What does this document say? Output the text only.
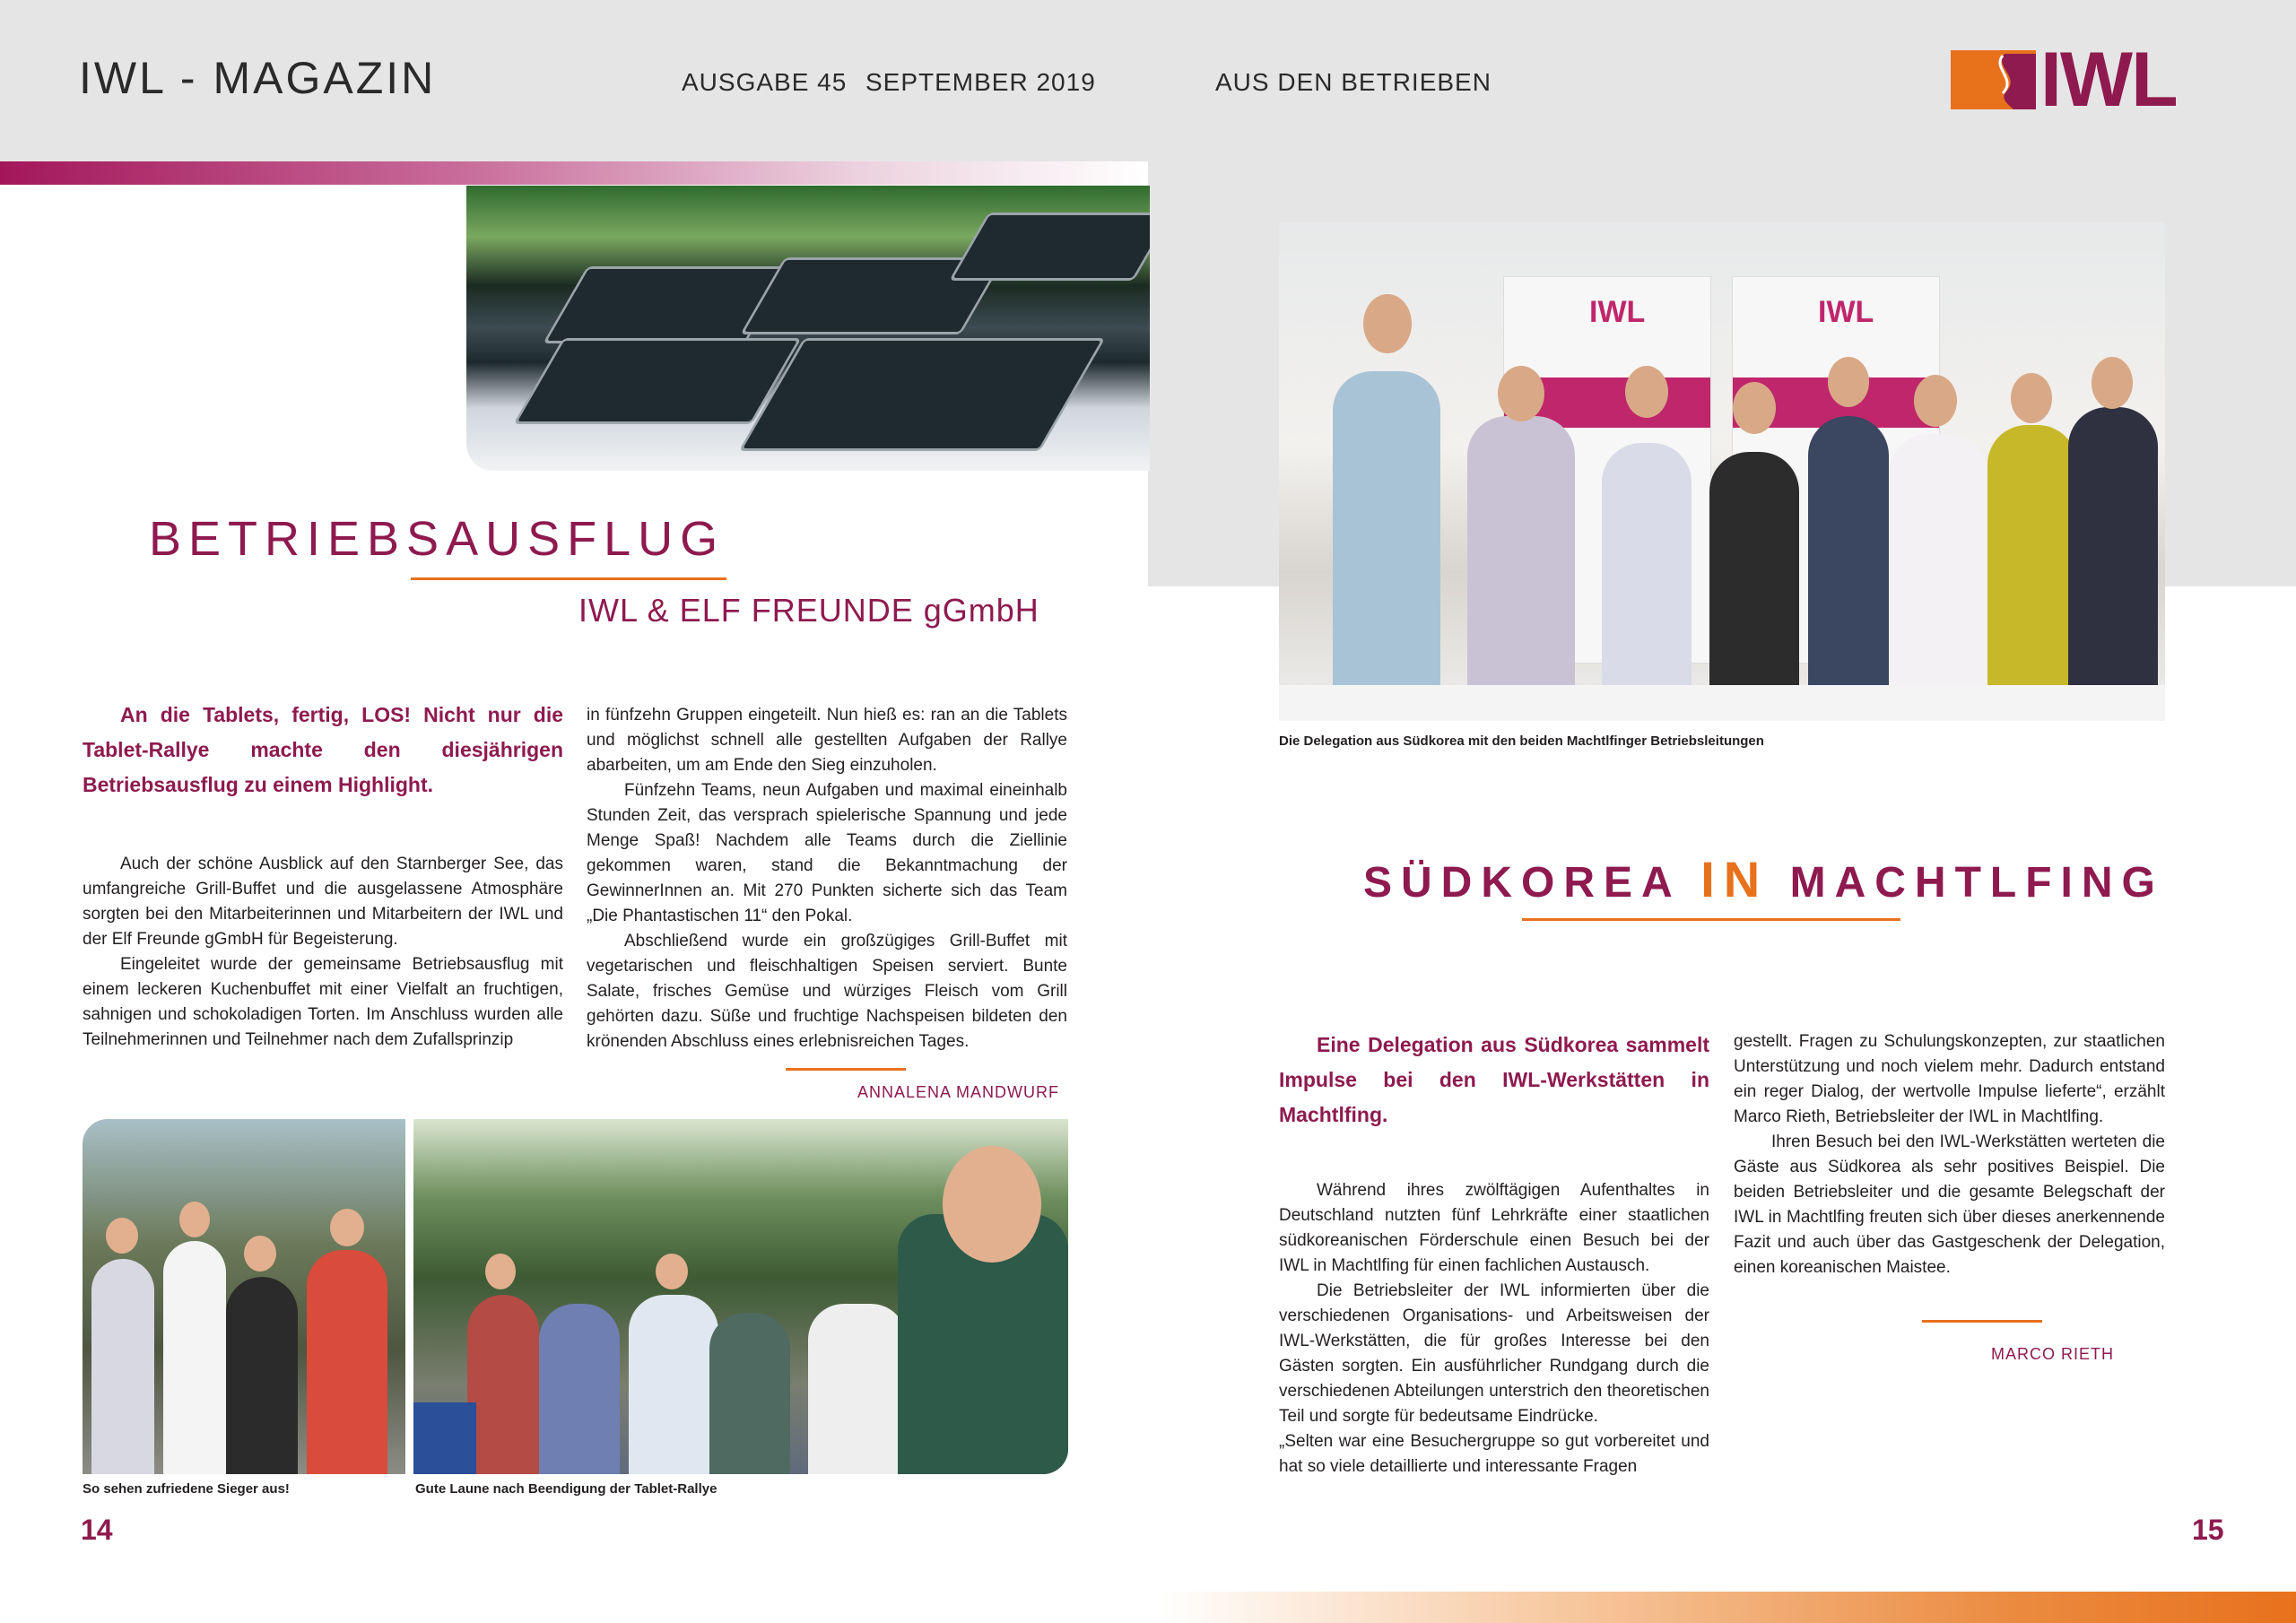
IWL - MAGAZIN	AUSGABE 45 SEPTEMBER 2019	AUS DEN BETRIEBEN	IWL
BETRIEBSAUSFLUG
IWL & ELF FREUNDE gGmbH

An die Tablets, fertig, LOS! Nicht nur die Tablet-Rallye machte den diesjährigen Betriebsausflug zu einem Highlight.

Auch der schöne Ausblick auf den Starnberger See, das umfangreiche Grill-Buffet und die ausgelassene Atmosphäre sorgten bei den Mitarbeiterinnen und Mitarbeitern der IWL und der Elf Freunde gGmbH für Begeisterung.

Eingeleitet wurde der gemeinsame Betriebsausflug mit einem leckeren Kuchenbuffet mit einer Vielfalt an fruchtigen, sahnigen und schokoladigen Torten. Im Anschluss wurden alle Teilnehmerinnen und Teilnehmer nach dem Zufallsprinzip

in fünfzehn Gruppen eingeteilt. Nun hieß es: ran an die Tablets und möglichst schnell alle gestellten Aufgaben der Rallye abarbeiten, um am Ende den Sieg einzuholen.

Fünfzehn Teams, neun Aufgaben und maximal eineinhalb Stunden Zeit, das versprach spielerische Spannung und jede Menge Spaß! Nachdem alle Teams durch die Ziellinie gekommen waren, stand die Bekanntmachung der GewinnerInnen an. Mit 270 Punkten sicherte sich das Team „Die Phantastischen 11“ den Pokal.

Abschließend wurde ein großzügiges Grill-Buffet mit vegetarischen und fleischhaltigen Speisen serviert. Bunte Salate, frisches Gemüse und würziges Fleisch vom Grill gehörten dazu. Süße und fruchtige Nachspeisen bildeten den krönenden Abschluss eines erlebnisreichen Tages.

ANNALENA MANDWURF
So sehen zufriedene Sieger aus!	Gute Laune nach Beendigung der Tablet-Rallye
14
IWL	IWL
Die Delegation aus Südkorea mit den beiden Machtlfinger Betriebsleitungen
SÜDKOREA IN MACHTLFING

Eine Delegation aus Südkorea sammelt Impulse bei den IWL-Werkstätten in Machtlfing.

Während ihres zwölftägigen Aufenthaltes in Deutschland nutzten fünf Lehrkräfte einer staatlichen südkoreanischen Förderschule einen Besuch bei der IWL in Machtlfing für einen fachlichen Austausch.

Die Betriebsleiter der IWL informierten über die verschiedenen Organisations- und Arbeitsweisen der IWL-Werkstätten, die für großes Interesse bei den Gästen sorgten. Ein ausführlicher Rundgang durch die verschiedenen Abteilungen unterstrich den theoretischen Teil und sorgte für bedeutsame Eindrücke.

„Selten war eine Besuchergruppe so gut vorbereitet und hat so viele detaillierte und interessante Fragen

gestellt. Fragen zu Schulungskonzepten, zur staatlichen Unterstützung und noch vielem mehr. Dadurch entstand ein reger Dialog, der wertvolle Impulse lieferte“, erzählt Marco Rieth, Betriebsleiter der IWL in Machtlfing.

Ihren Besuch bei den IWL-Werkstätten werteten die Gäste aus Südkorea als sehr positives Beispiel. Die beiden Betriebsleiter und die gesamte Belegschaft der IWL in Machtlfing freuten sich über dieses anerkennende Fazit und auch über das Gastgeschenk der Delegation, einen koreanischen Maistee.

MARCO RIETH
15
